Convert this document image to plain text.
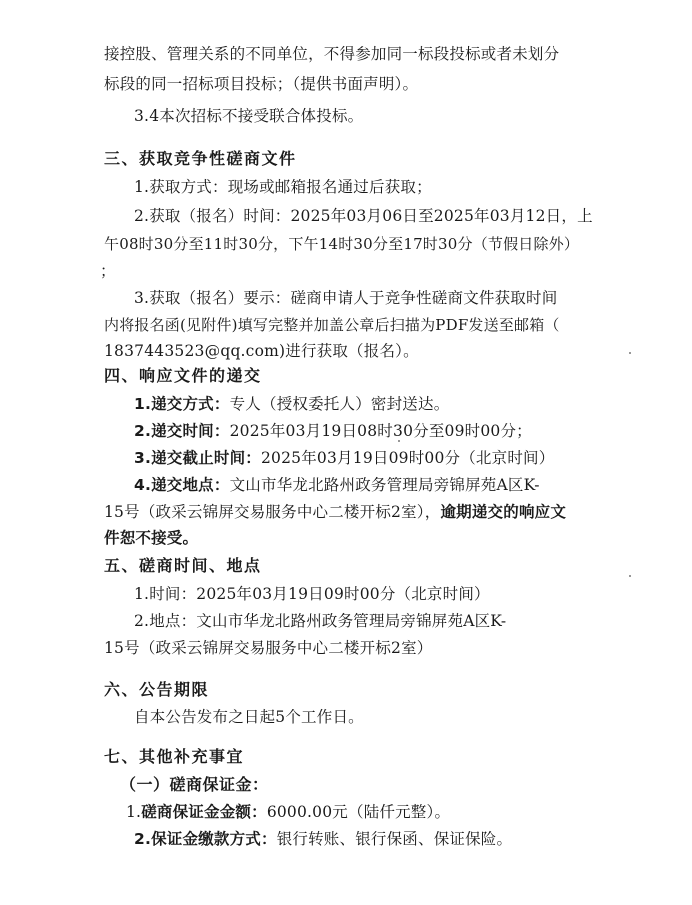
接控股、管理关系的不同单位，不得参加同一标段投标或者未划分
标段的同一招标项目投标；（提供书面声明）。
3.4本次招标不接受联合体投标。
三、获取竞争性磋商文件
1.获取方式：现场或邮箱报名通过后获取；
2.获取（报名）时间：2025年03月06日至2025年03月12日，上
午08时30分至11时30分，下午14时30分至17时30分（节假日除外）
；
3.获取（报名）要示：磋商申请人于竞争性磋商文件获取时间
内将报名函(见附件)填写完整并加盖公章后扫描为PDF发送至邮箱（
1837443523@qq.com)进行获取（报名）。
四、响应文件的递交
1.递交方式：专人（授权委托人）密封送达。
2.递交时间：2025年03月19日08时30分至09时00分；
3.递交截止时间：2025年03月19日09时00分（北京时间）
4.递交地点：文山市华龙北路州政务管理局旁锦屏苑A区K-
15号（政采云锦屏交易服务中心二楼开标2室），逾期递交的响应文
件恕不接受。
五、磋商时间、地点
1.时间：2025年03月19日09时00分（北京时间）
2.地点：文山市华龙北路州政务管理局旁锦屏苑A区K-
15号（政采云锦屏交易服务中心二楼开标2室）
六、公告期限
自本公告发布之日起5个工作日。
七、其他补充事宜
（一）磋商保证金：
1.磋商保证金金额：6000.00元（陆仟元整）。
2.保证金缴款方式：银行转账、银行保函、保证保险。
